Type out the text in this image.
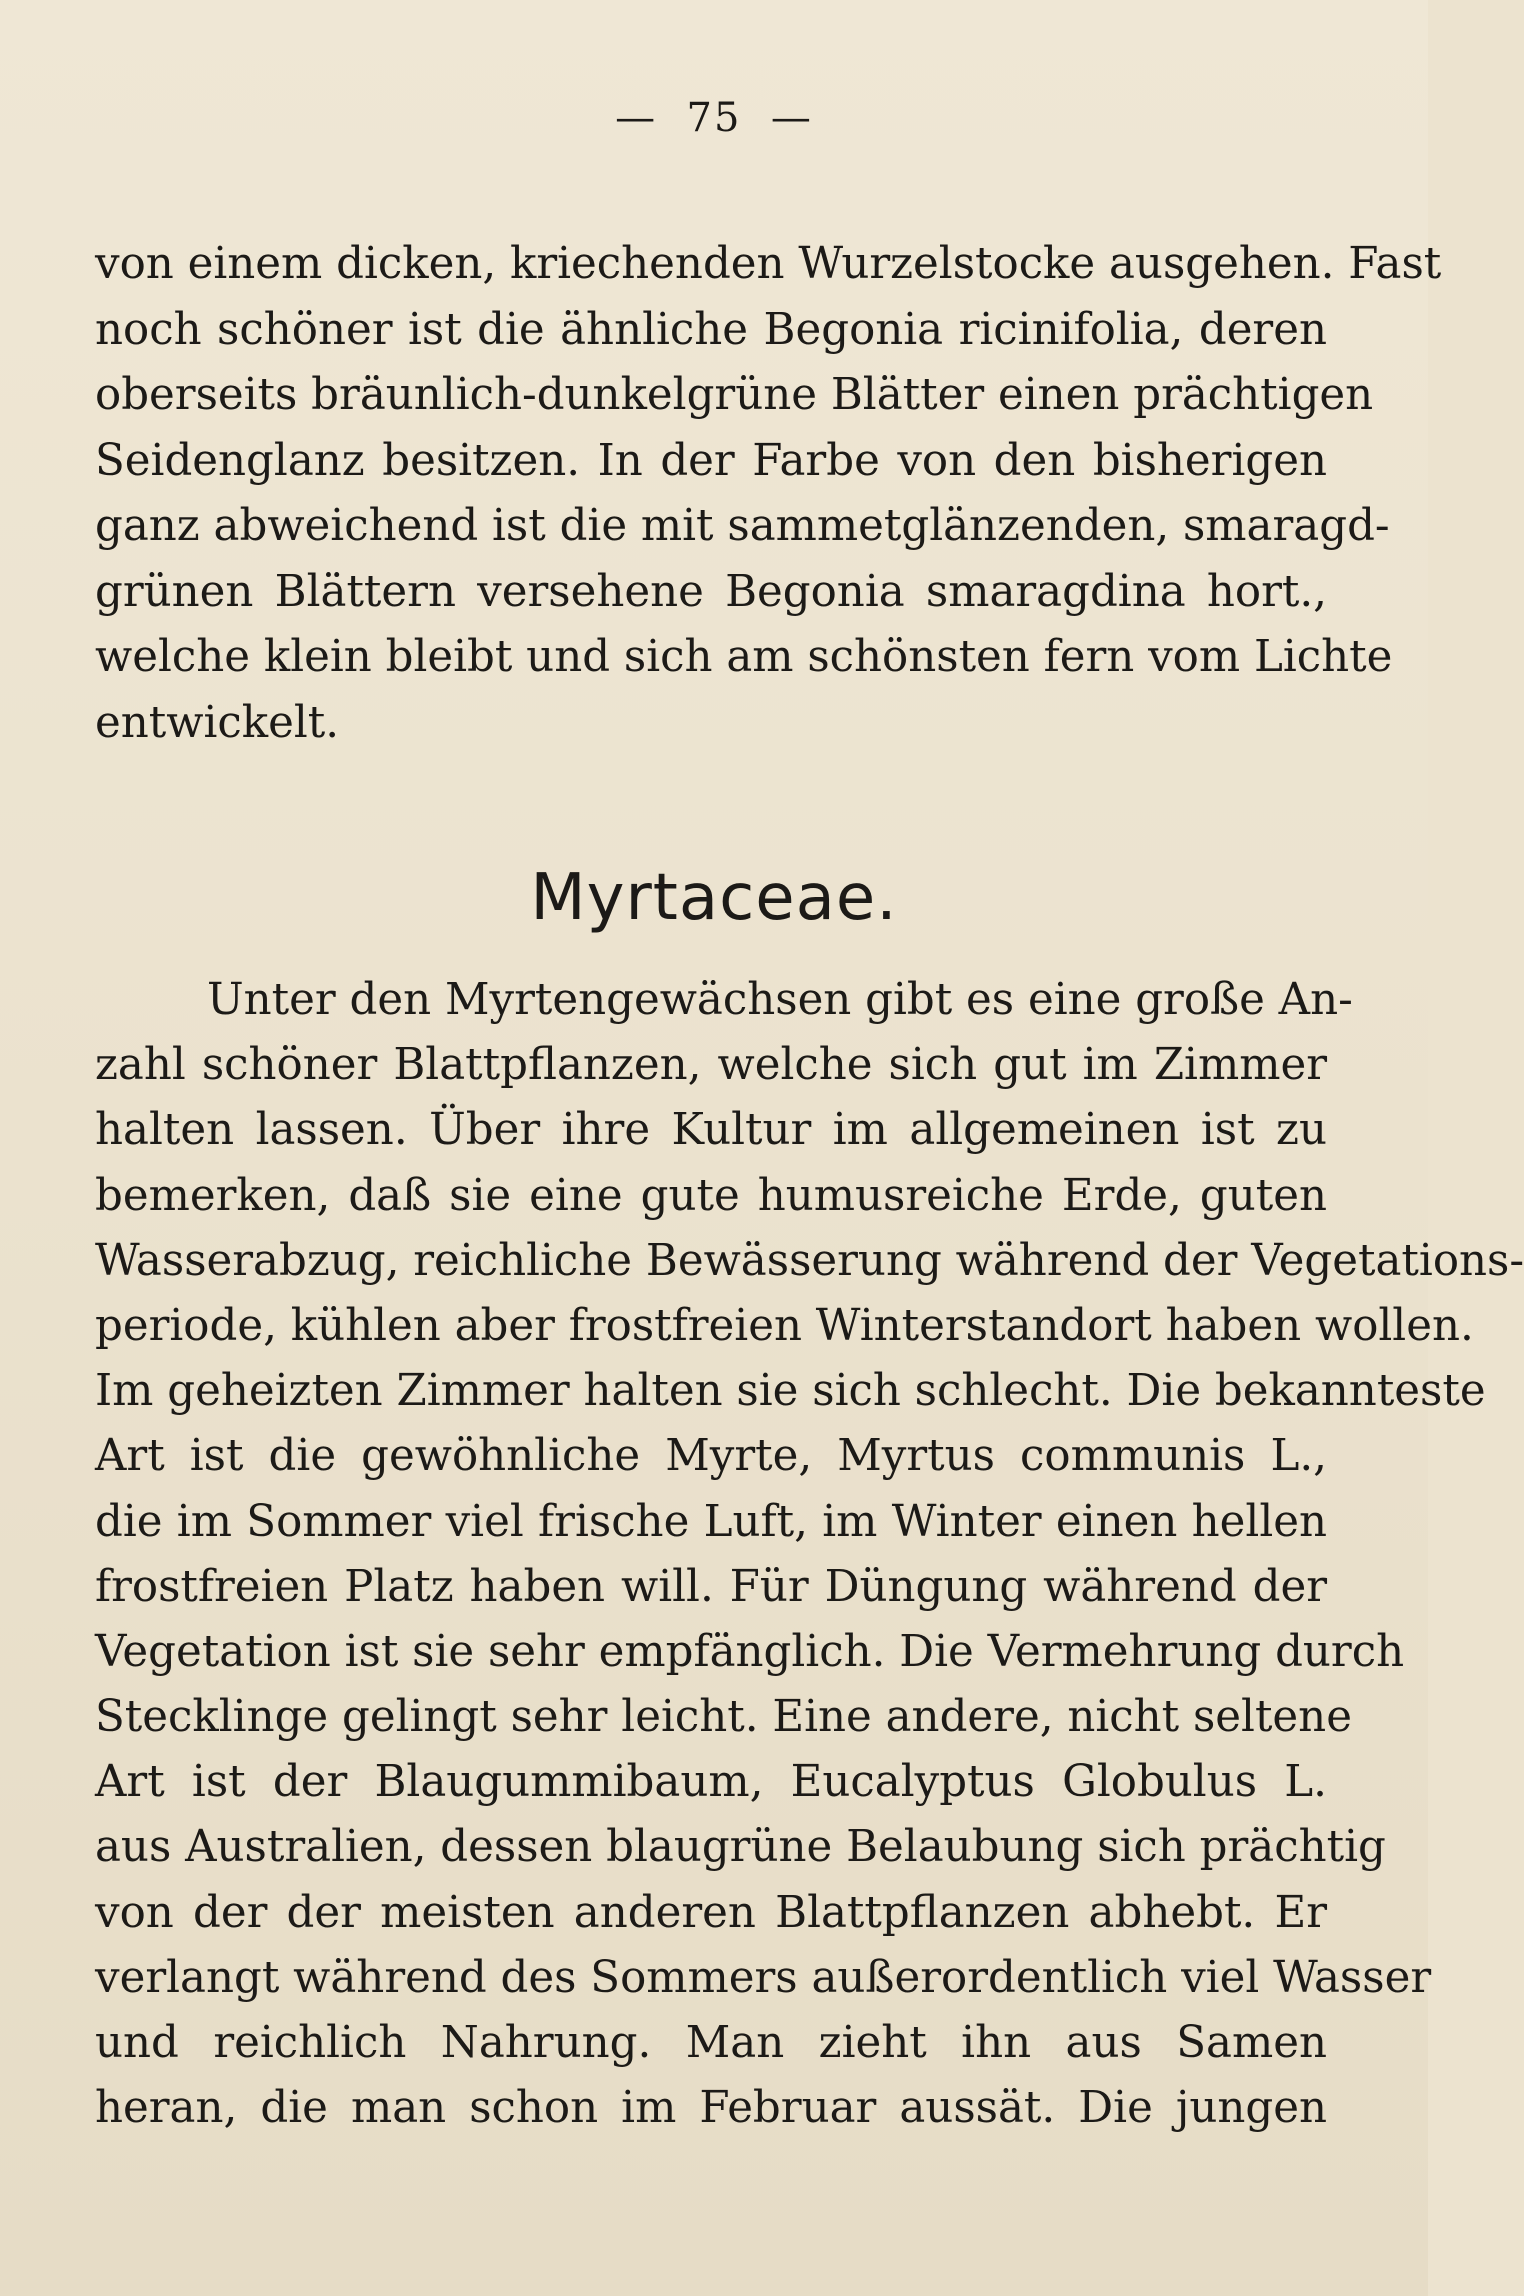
—  75  —
von einem dicken, kriechenden Wurzelstocke ausgehen. Fast
noch schöner ist die ähnliche Begonia ricinifolia, deren
oberseits bräunlich-dunkelgrüne Blätter einen prächtigen
Seidenglanz besitzen. In der Farbe von den bisherigen
ganz abweichend ist die mit sammetglänzenden, smaragd-
grünen Blättern versehene Begonia smaragdina hort.,
welche klein bleibt und sich am schönsten fern vom Lichte
entwickelt.
Myrtaceae.
Unter den Myrtengewächsen gibt es eine große An-
zahl schöner Blattpflanzen, welche sich gut im Zimmer
halten lassen. Über ihre Kultur im allgemeinen ist zu
bemerken, daß sie eine gute humusreiche Erde, guten
Wasserabzug, reichliche Bewässerung während der Vegetations-
periode, kühlen aber frostfreien Winterstandort haben wollen.
Im geheizten Zimmer halten sie sich schlecht. Die bekannteste
Art ist die gewöhnliche Myrte, Myrtus communis L.,
die im Sommer viel frische Luft, im Winter einen hellen
frostfreien Platz haben will. Für Düngung während der
Vegetation ist sie sehr empfänglich. Die Vermehrung durch
Stecklinge gelingt sehr leicht. Eine andere, nicht seltene
Art ist der Blaugummibaum, Eucalyptus Globulus L.
aus Australien, dessen blaugrüne Belaubung sich prächtig
von der der meisten anderen Blattpflanzen abhebt. Er
verlangt während des Sommers außerordentlich viel Wasser
und reichlich Nahrung. Man zieht ihn aus Samen
heran, die man schon im Februar aussät. Die jungen
